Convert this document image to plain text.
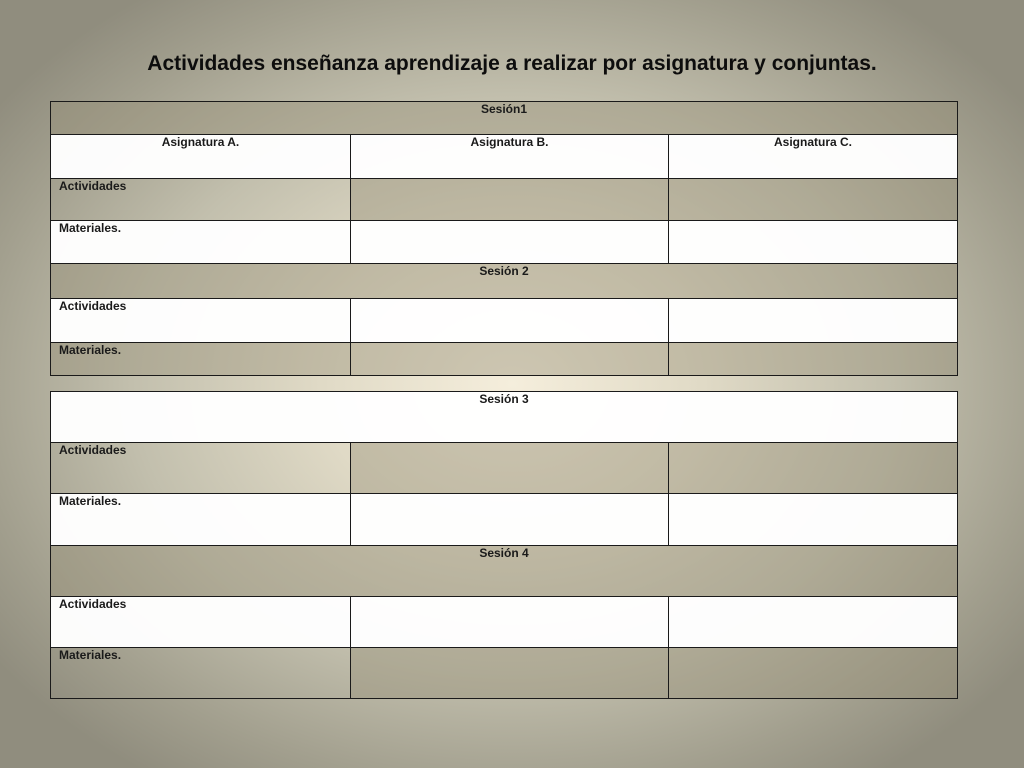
Actividades enseñanza aprendizaje a realizar por asignatura y conjuntas.
Sesión1		
Asignatura A.	Asignatura B.	Asignatura C.
Actividades		
Materiales.		
Sesión 2		
Actividades		
Materiales.		
Sesión 3		
Actividades		
Materiales.		
Sesión 4		
Actividades		
Materiales.		
